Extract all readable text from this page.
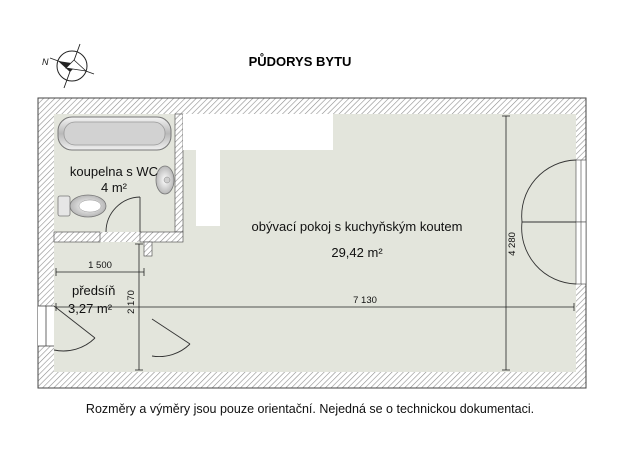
PŮDORYS BYTU
N
1 500
2 170	7 130
4 280
koupelna s WC
4 m²
předsíň
3,27 m²
obývací pokoj s kuchyňským koutem
29,42 m²
Rozměry a výměry jsou pouze orientační. Nejedná se o technickou dokumentaci.
